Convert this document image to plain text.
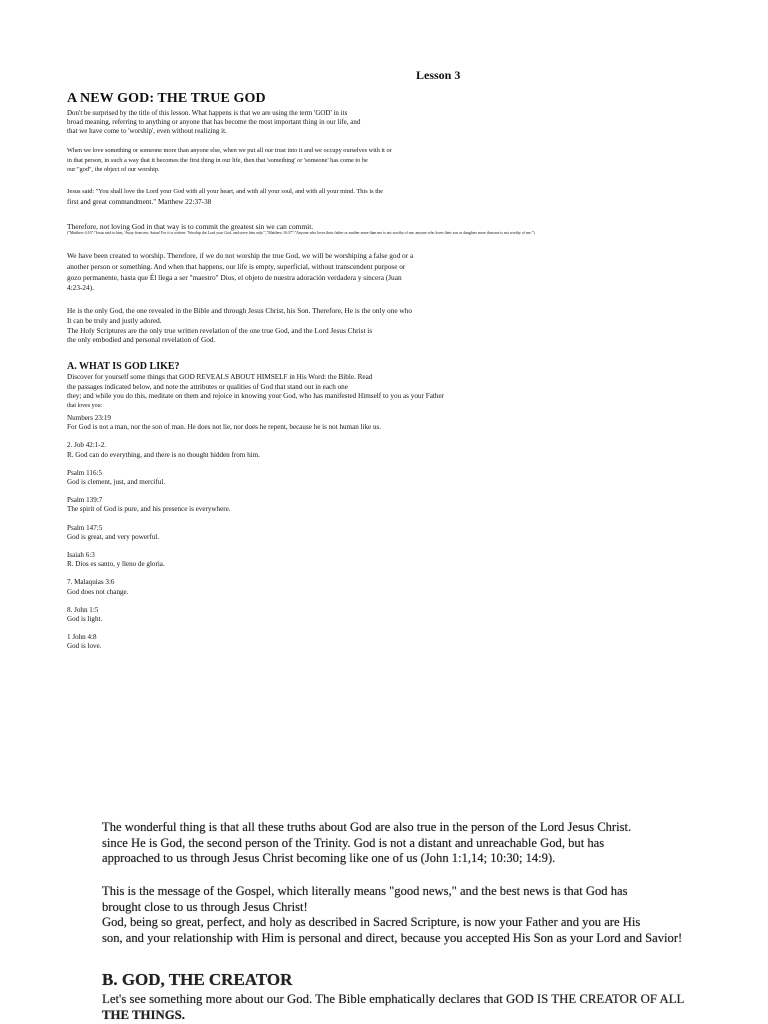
Lesson 3
A NEW GOD: THE TRUE GOD
Don't be surprised by the title of this lesson. What happens is that we are using the term 'GOD' in its
broad meaning, referring to anything or anyone that has become the most important thing in our life, and
that we have come to 'worship', even without realizing it.
When we love something or someone more than anyone else, when we put all our trust into it and we occupy ourselves with it or
in that person, in such a way that it becomes the first thing in our life, then that 'something' or 'someone' has come to be
our "god", the object of our worship.
Jesus said: "You shall love the Lord your God with all your heart, and with all your soul, and with all your mind. This is the
first and great commandment." Matthew 22:37-38
Therefore, not loving God in that way is to commit the greatest sin we can commit.
("Matthew 4:10":"Jesus said to him, 'Away from me, Satan! For it is written: 'Worship the Lord your God, and serve him only.'","Matthew 10:37":"Anyone who loves their father or mother more than me is not worthy of me; anyone who loves their son or daughter more than me is not worthy of me.")
We have been created to worship. Therefore, if we do not worship the true God, we will be worshiping a false god or a
another person or something. And when that happens, our life is empty, superficial, without transcendent purpose or
gozo permanente, hasta que Él llega a ser "maestro" Dios, el objeto de nuestra adoración verdadera y sincera (Juan
4:23-24).
He is the only God, the one revealed in the Bible and through Jesus Christ, his Son. Therefore, He is the only one who
It can be truly and justly adored.
The Holy Scriptures are the only true written revelation of the one true God, and the Lord Jesus Christ is
the only embodied and personal revelation of God.
A. WHAT IS GOD LIKE?
Discover for yourself some things that GOD REVEALS ABOUT HIMSELF in His Word: the Bible. Read
the passages indicated below, and note the attributes or qualities of God that stand out in each one
they; and while you do this, meditate on them and rejoice in knowing your God, who has manifested Himself to you as your Father
that loves you:
Numbers 23:19
For God is not a man, nor the son of man. He does not lie, nor does he repent, because he is not human like us.
2. Job 42:1-2.
R. God can do everything, and there is no thought hidden from him.
Psalm 116:5
God is clement, just, and merciful.
Psalm 139:7
The spirit of God is pure, and his presence is everywhere.
Psalm 147:5
God is great, and very powerful.
Isaiah 6:3
R. Dios es santo, y lleno de gloria.
7. Malaquias 3:6
God does not change.
8. John 1:5
God is light.
1 John 4:8
God is love.
The wonderful thing is that all these truths about God are also true in the person of the Lord Jesus Christ.
since He is God, the second person of the Trinity. God is not a distant and unreachable God, but has
approached to us through Jesus Christ becoming like one of us (John 1:1,14; 10:30; 14:9).
This is the message of the Gospel, which literally means "good news," and the best news is that God has
brought close to us through Jesus Christ!
God, being so great, perfect, and holy as described in Sacred Scripture, is now your Father and you are His
son, and your relationship with Him is personal and direct, because you accepted His Son as your Lord and Savior!
B. GOD, THE CREATOR
Let's see something more about our God. The Bible emphatically declares that GOD IS THE CREATOR OF ALL
THE THINGS.
